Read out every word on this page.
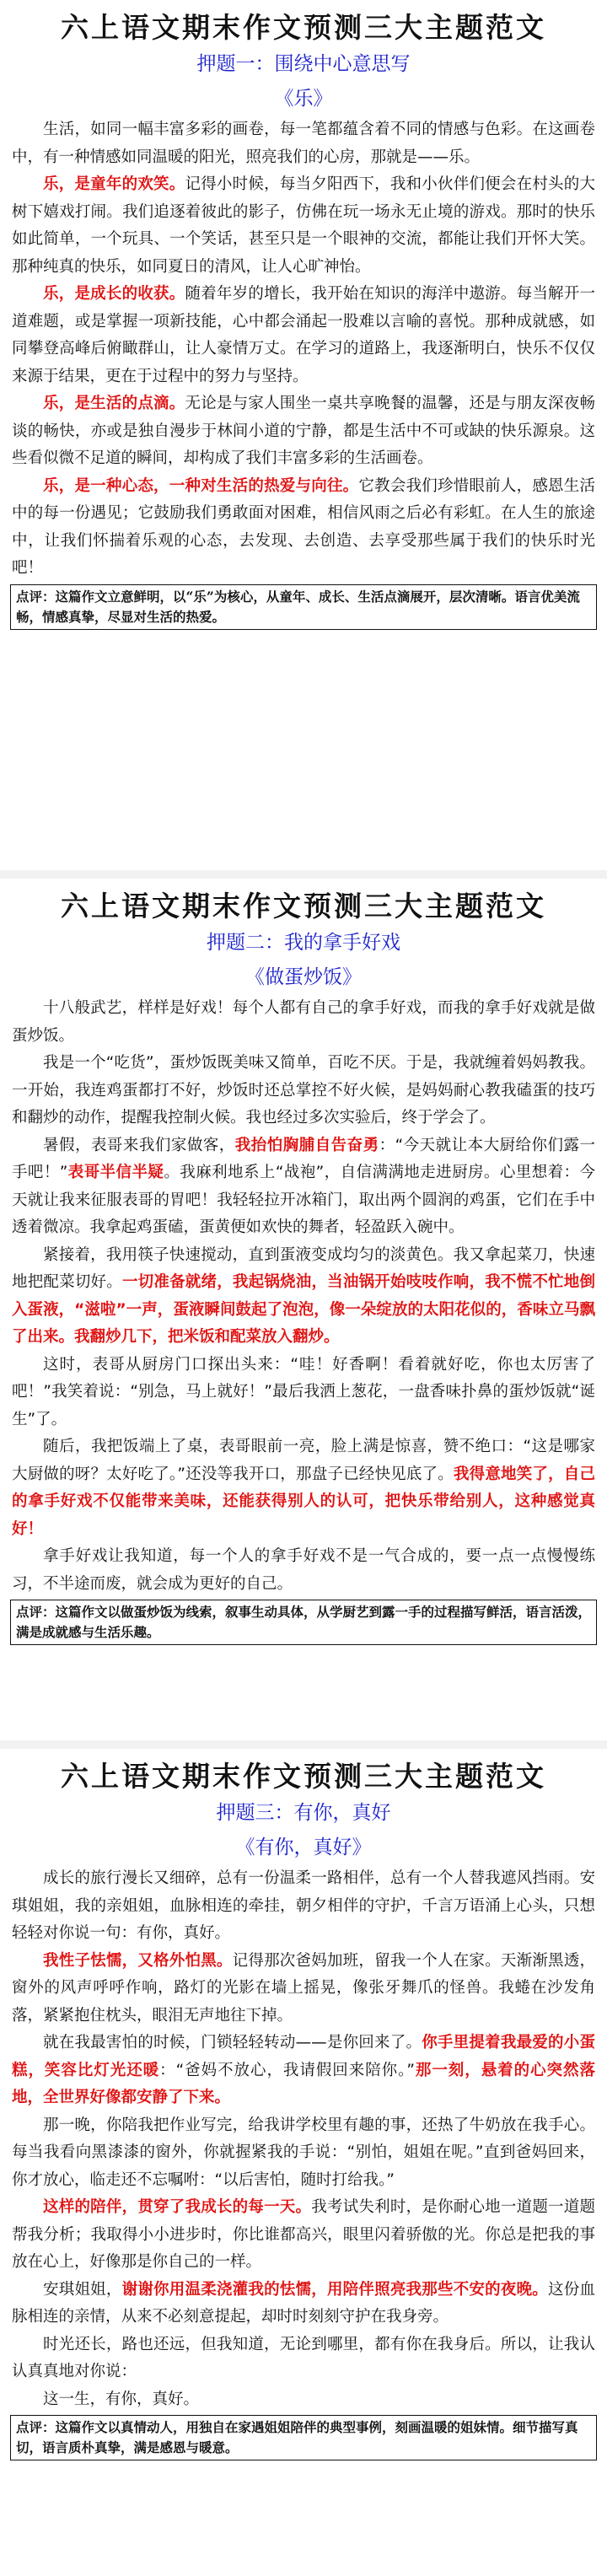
六上语文期末作文预测三大主题范文
押题一：围绕中心意思写
《乐》

生活，如同一幅丰富多彩的画卷，每一笔都蕴含着不同的情感与色彩。在这画卷中，有一种情感如同温暖的阳光，照亮我们的心房，那就是——乐。

乐，是童年的欢笑。记得小时候，每当夕阳西下，我和小伙伴们便会在村头的大树下嬉戏打闹。我们追逐着彼此的影子，仿佛在玩一场永无止境的游戏。那时的快乐如此简单，一个玩具、一个笑话，甚至只是一个眼神的交流，都能让我们开怀大笑。那种纯真的快乐，如同夏日的清风，让人心旷神怡。

乐，是成长的收获。随着年岁的增长，我开始在知识的海洋中遨游。每当解开一道难题，或是掌握一项新技能，心中都会涌起一股难以言喻的喜悦。那种成就感，如同攀登高峰后俯瞰群山，让人豪情万丈。在学习的道路上，我逐渐明白，快乐不仅仅来源于结果，更在于过程中的努力与坚持。

乐，是生活的点滴。无论是与家人围坐一桌共享晚餐的温馨，还是与朋友深夜畅谈的畅快，亦或是独自漫步于林间小道的宁静，都是生活中不可或缺的快乐源泉。这些看似微不足道的瞬间，却构成了我们丰富多彩的生活画卷。

乐，是一种心态，一种对生活的热爱与向往。它教会我们珍惜眼前人，感恩生活中的每一份遇见；它鼓励我们勇敢面对困难，相信风雨之后必有彩虹。在人生的旅途中，让我们怀揣着乐观的心态，去发现、去创造、去享受那些属于我们的快乐时光吧！

点评：这篇作文立意鲜明，以“乐”为核心，从童年、成长、生活点滴展开，层次清晰。语言优美流畅，情感真挚，尽显对生活的热爱。
六上语文期末作文预测三大主题范文
押题二：我的拿手好戏
《做蛋炒饭》

十八般武艺，样样是好戏！每个人都有自己的拿手好戏，而我的拿手好戏就是做蛋炒饭。

我是一个“吃货”，蛋炒饭既美味又简单，百吃不厌。于是，我就缠着妈妈教我。一开始，我连鸡蛋都打不好，炒饭时还总掌控不好火候，是妈妈耐心教我磕蛋的技巧和翻炒的动作，提醒我控制火候。我也经过多次实验后，终于学会了。

暑假，表哥来我们家做客，我抬怕胸脯自告奋勇：“今天就让本大厨给你们露一手吧！”表哥半信半疑。我麻利地系上“战袍”，自信满满地走进厨房。心里想着：今天就让我来征服表哥的胃吧！我轻轻拉开冰箱门，取出两个圆润的鸡蛋，它们在手中透着微凉。我拿起鸡蛋磕，蛋黄便如欢快的舞者，轻盈跃入碗中。

紧接着，我用筷子快速搅动，直到蛋液变成均匀的淡黄色。我又拿起菜刀，快速地把配菜切好。一切准备就绪，我起锅烧油，当油锅开始吱吱作响，我不慌不忙地倒入蛋液，“滋啦”一声，蛋液瞬间鼓起了泡泡，像一朵绽放的太阳花似的，香味立马飘了出来。我翻炒几下，把米饭和配菜放入翻炒。

这时，表哥从厨房门口探出头来：“哇！好香啊！看着就好吃，你也太厉害了吧！”我笑着说：“别急，马上就好！”最后我洒上葱花，一盘香味扑鼻的蛋炒饭就“诞生”了。

随后，我把饭端上了桌，表哥眼前一亮，脸上满是惊喜，赞不绝口：“这是哪家大厨做的呀？太好吃了。”还没等我开口，那盘子已经快见底了。我得意地笑了，自己的拿手好戏不仅能带来美味，还能获得别人的认可，把快乐带给别人，这种感觉真好！

拿手好戏让我知道，每一个人的拿手好戏不是一气合成的，要一点一点慢慢练习，不半途而废，就会成为更好的自己。

点评：这篇作文以做蛋炒饭为线索，叙事生动具体，从学厨艺到露一手的过程描写鲜活，语言活泼，满是成就感与生活乐趣。
六上语文期末作文预测三大主题范文
押题三：有你，真好
《有你，真好》

成长的旅行漫长又细碎，总有一份温柔一路相伴，总有一个人替我遮风挡雨。安琪姐姐，我的亲姐姐，血脉相连的牵挂，朝夕相伴的守护，千言万语涌上心头，只想轻轻对你说一句：有你，真好。

我性子怯懦，又格外怕黑。记得那次爸妈加班，留我一个人在家。天渐渐黑透，窗外的风声呼呼作响，路灯的光影在墙上摇晃，像张牙舞爪的怪兽。我蜷在沙发角落，紧紧抱住枕头，眼泪无声地往下掉。

就在我最害怕的时候，门锁轻轻转动——是你回来了。你手里提着我最爱的小蛋糕，笑容比灯光还暖：“爸妈不放心，我请假回来陪你。”那一刻，悬着的心突然落地，全世界好像都安静了下来。

那一晚，你陪我把作业写完，给我讲学校里有趣的事，还热了牛奶放在我手心。每当我看向黑漆漆的窗外，你就握紧我的手说：“别怕，姐姐在呢。”直到爸妈回来，你才放心，临走还不忘嘱咐：“以后害怕，随时打给我。”

这样的陪伴，贯穿了我成长的每一天。我考试失利时，是你耐心地一道题一道题帮我分析；我取得小小进步时，你比谁都高兴，眼里闪着骄傲的光。你总是把我的事放在心上，好像那是你自己的一样。

安琪姐姐，谢谢你用温柔浇灌我的怯懦，用陪伴照亮我那些不安的夜晚。这份血脉相连的亲情，从来不必刻意提起，却时时刻刻守护在我身旁。

时光还长，路也还远，但我知道，无论到哪里，都有你在我身后。所以，让我认认真真地对你说：

这一生，有你，真好。

点评：这篇作文以真情动人，用独自在家遇姐姐陪伴的典型事例，刻画温暖的姐妹情。细节描写真切，语言质朴真挚，满是感恩与暖意。
